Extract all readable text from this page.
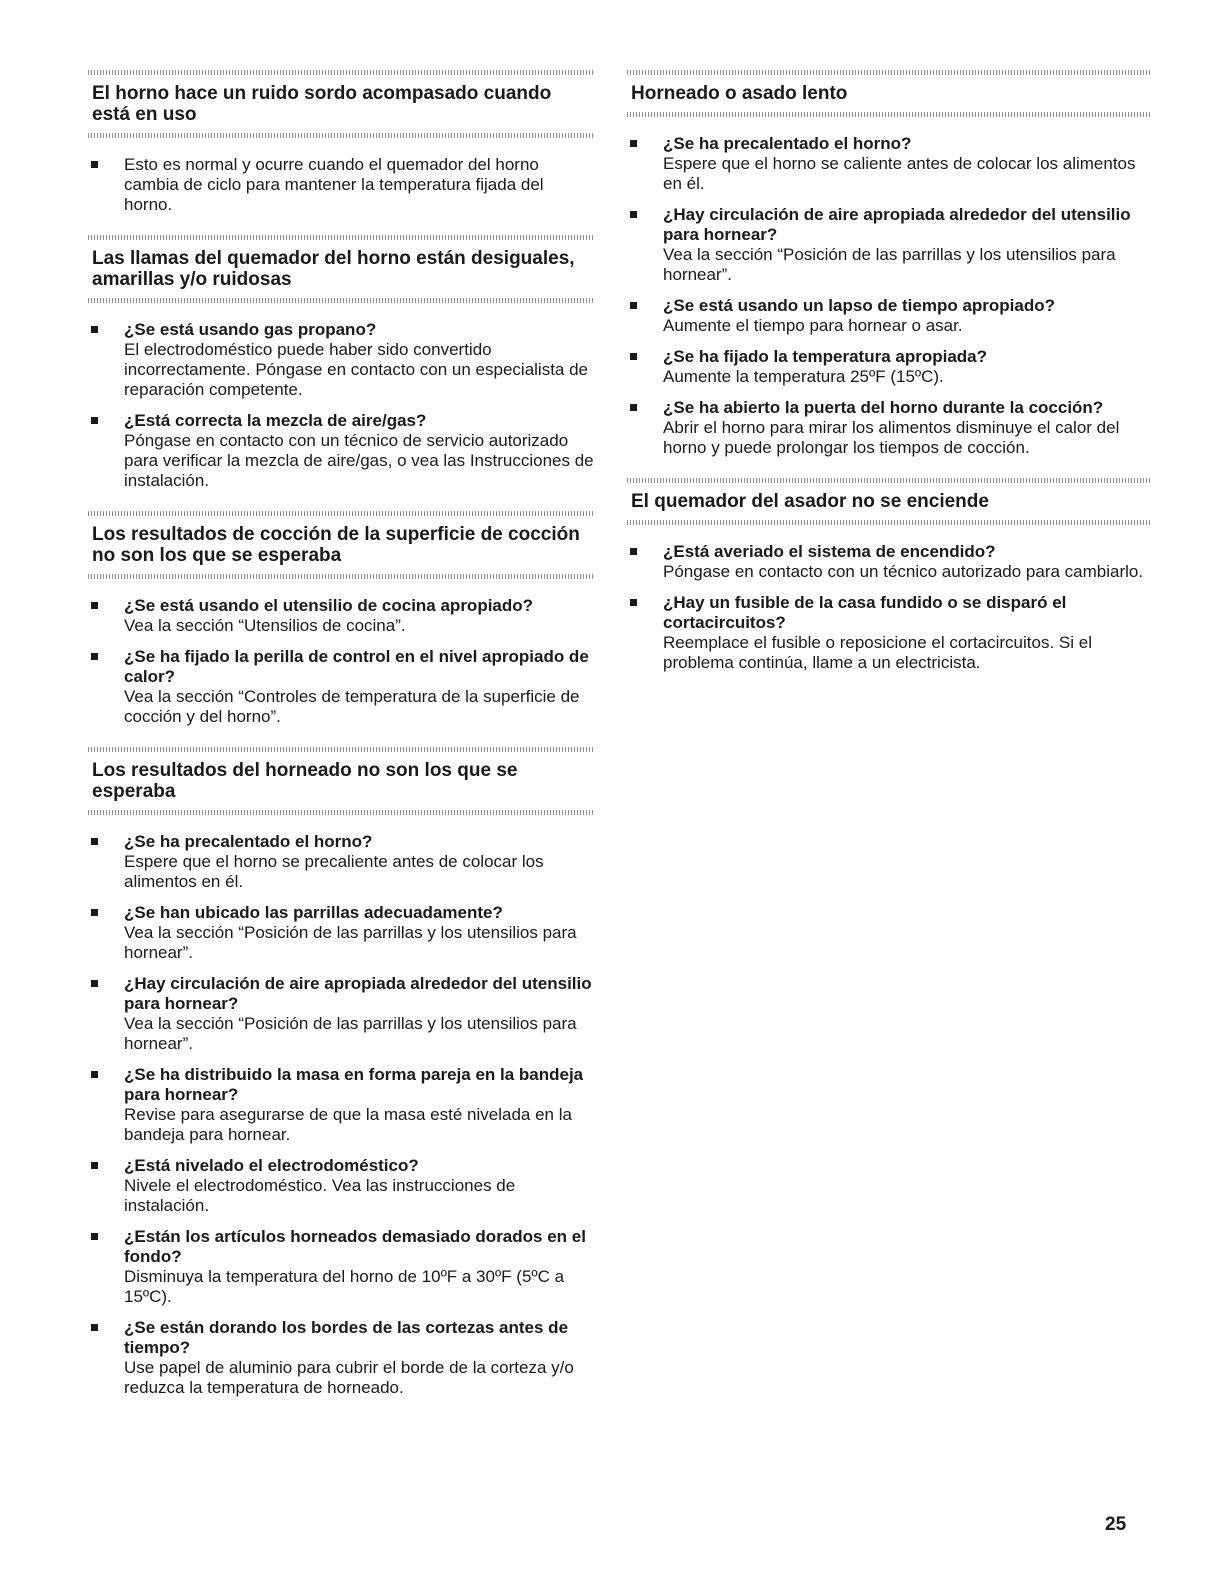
El horno hace un ruido sordo acompasado cuando está en uso
Esto es normal y ocurre cuando el quemador del horno cambia de ciclo para mantener la temperatura fijada del horno.
Las llamas del quemador del horno están desiguales, amarillas y/o ruidosas
¿Se está usando gas propano?
El electrodoméstico puede haber sido convertido incorrectamente. Póngase en contacto con un especialista de reparación competente.
¿Está correcta la mezcla de aire/gas?
Póngase en contacto con un técnico de servicio autorizado para verificar la mezcla de aire/gas, o vea las Instrucciones de instalación.
Los resultados de cocción de la superficie de cocción no son los que se esperaba
¿Se está usando el utensilio de cocina apropiado?
Vea la sección “Utensilios de cocina”.
¿Se ha fijado la perilla de control en el nivel apropiado de calor?
Vea la sección “Controles de temperatura de la superficie de cocción y del horno”.
Los resultados del horneado no son los que se esperaba
¿Se ha precalentado el horno?
Espere que el horno se precaliente antes de colocar los alimentos en él.
¿Se han ubicado las parrillas adecuadamente?
Vea la sección “Posición de las parrillas y los utensilios para hornear”.
¿Hay circulación de aire apropiada alrededor del utensilio para hornear?
Vea la sección “Posición de las parrillas y los utensilios para hornear”.
¿Se ha distribuido la masa en forma pareja en la bandeja para hornear?
Revise para asegurarse de que la masa esté nivelada en la bandeja para hornear.
¿Está nivelado el electrodoméstico?
Nivele el electrodoméstico. Vea las instrucciones de instalación.
¿Están los artículos horneados demasiado dorados en el fondo?
Disminuya la temperatura del horno de 10ºF a 30ºF (5ºC a 15ºC).
¿Se están dorando los bordes de las cortezas antes de tiempo?
Use papel de aluminio para cubrir el borde de la corteza y/o reduzca la temperatura de horneado.
Horneado o asado lento
¿Se ha precalentado el horno?
Espere que el horno se caliente antes de colocar los alimentos en él.
¿Hay circulación de aire apropiada alrededor del utensilio para hornear?
Vea la sección “Posición de las parrillas y los utensilios para hornear”.
¿Se está usando un lapso de tiempo apropiado?
Aumente el tiempo para hornear o asar.
¿Se ha fijado la temperatura apropiada?
Aumente la temperatura 25ºF (15ºC).
¿Se ha abierto la puerta del horno durante la cocción?
Abrir el horno para mirar los alimentos disminuye el calor del horno y puede prolongar los tiempos de cocción.
El quemador del asador no se enciende
¿Está averiado el sistema de encendido?
Póngase en contacto con un técnico autorizado para cambiarlo.
¿Hay un fusible de la casa fundido o se disparó el cortacircuitos?
Reemplace el fusible o reposicione el cortacircuitos. Si el problema continúa, llame a un electricista.
25
